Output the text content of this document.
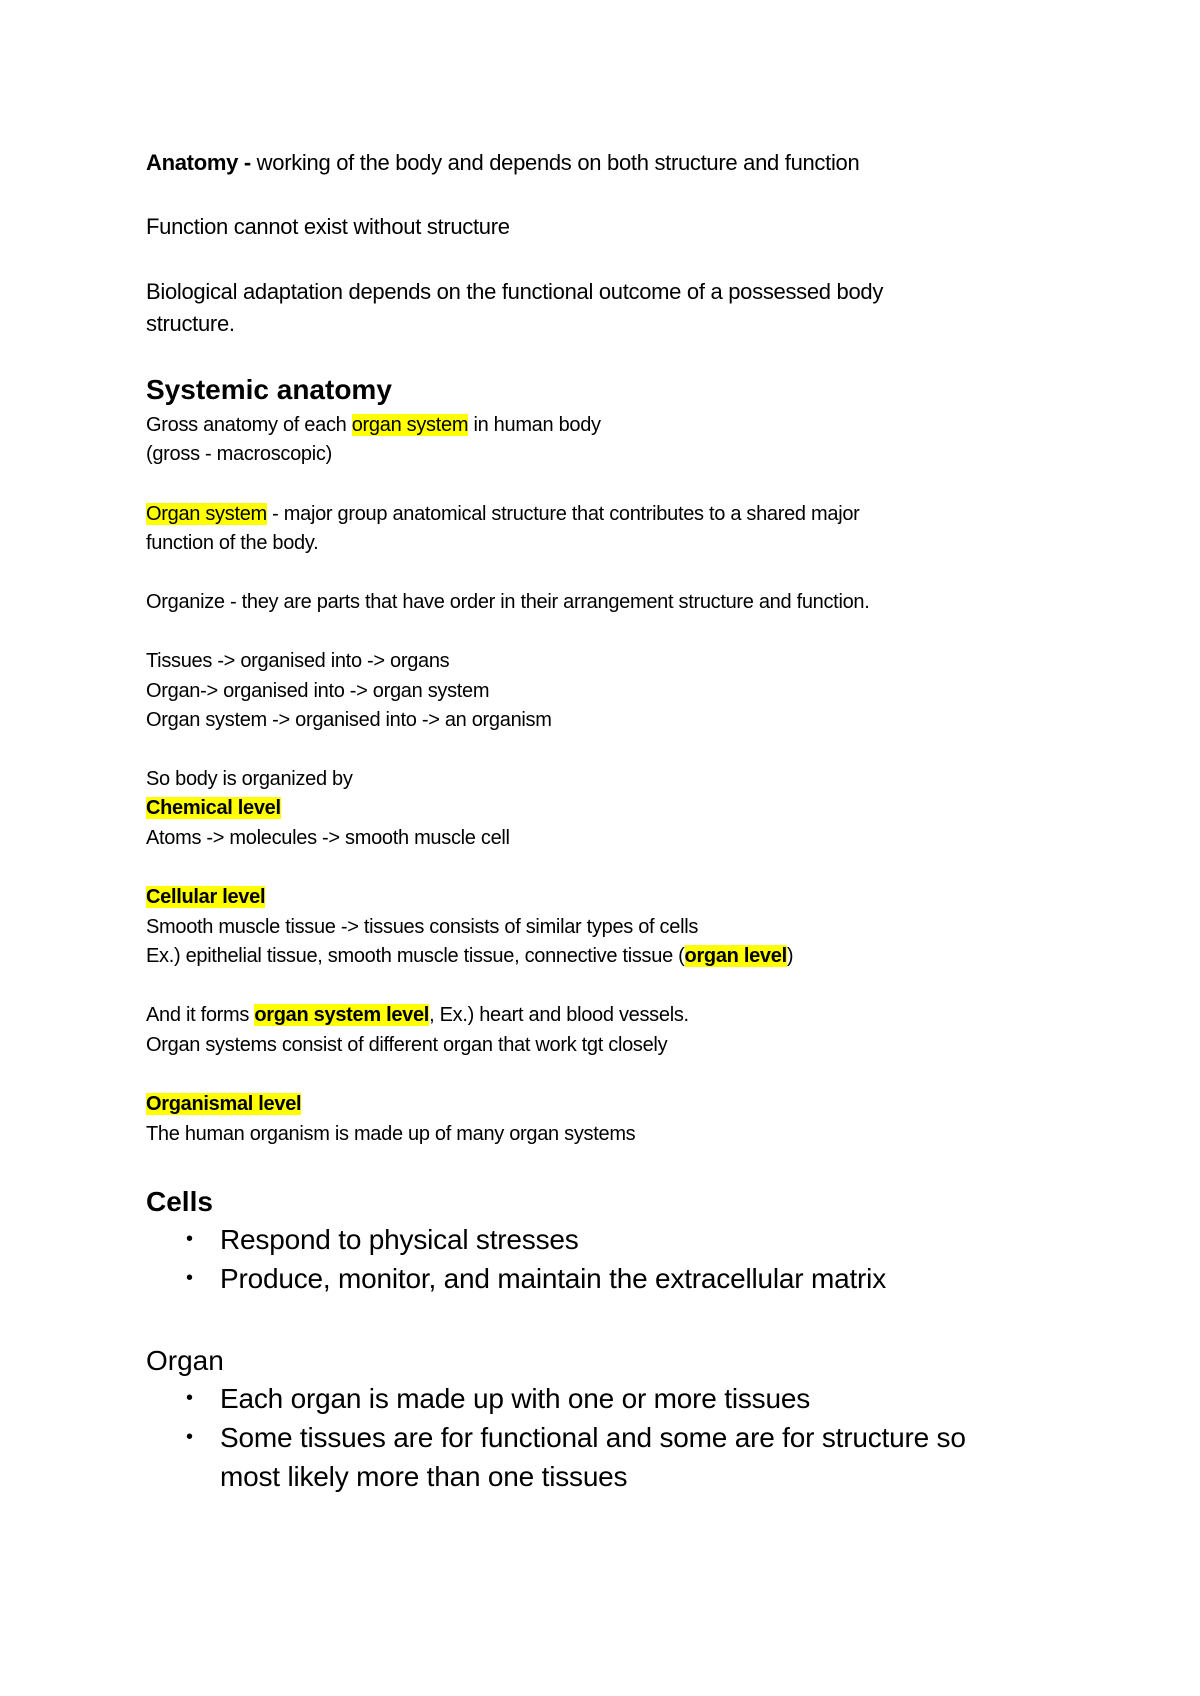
Anatomy - working of the body and depends on both structure and function
Function cannot exist without structure
Biological adaptation depends on the functional outcome of a possessed body
structure.
Systemic anatomy
Gross anatomy of each organ system in human body
(gross - macroscopic)
Organ system - major group anatomical structure that contributes to a shared major
function of the body.
Organize - they are parts that have order in their arrangement structure and function.
Tissues -> organised into -> organs
Organ-> organised into -> organ system
Organ system -> organised into -> an organism
So body is organized by
Chemical level
Atoms -> molecules -> smooth muscle cell
Cellular level
Smooth muscle tissue -> tissues consists of similar types of cells
Ex.) epithelial tissue, smooth muscle tissue, connective tissue (organ level)
And it forms organ system level, Ex.) heart and blood vessels.
Organ systems consist of different organ that work tgt closely
Organismal level
The human organism is made up of many organ systems
Cells
• Respond to physical stresses
• Produce, monitor, and maintain the extracellular matrix
Organ
• Each organ is made up with one or more tissues
• Some tissues are for functional and some are for structure so
most likely more than one tissues
